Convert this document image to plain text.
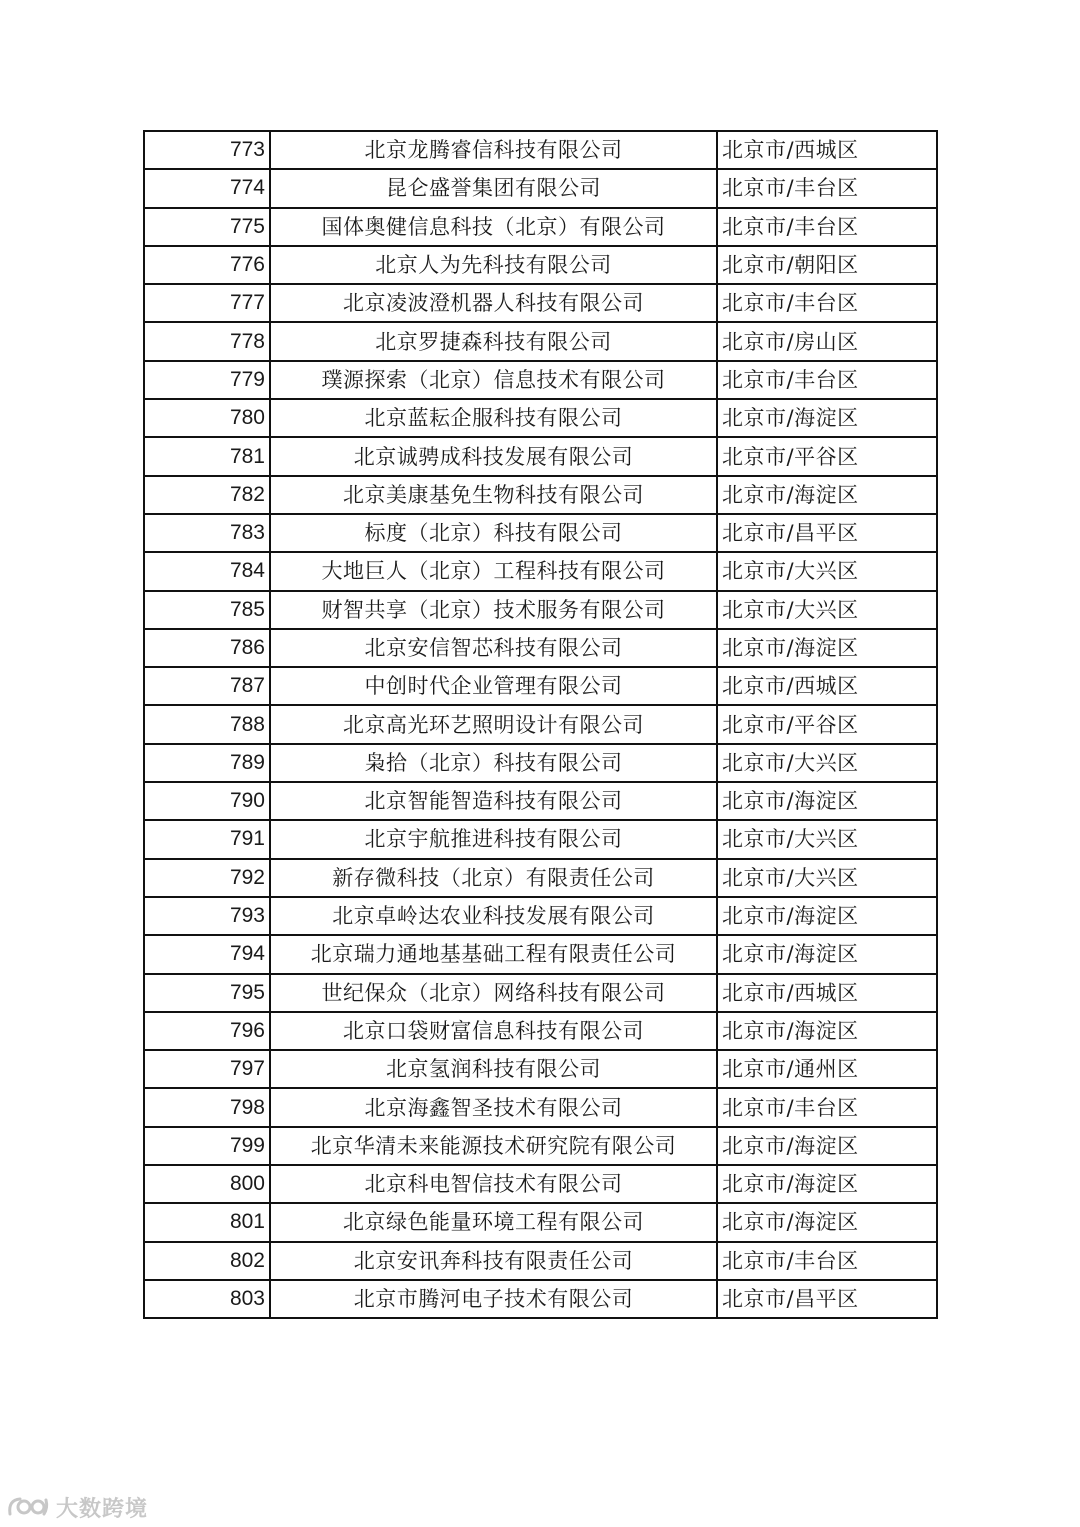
773	北京龙腾睿信科技有限公司	北京市/西城区
774	昆仑盛誉集团有限公司	北京市/丰台区
775	国体奥健信息科技（北京）有限公司	北京市/丰台区
776	北京人为先科技有限公司	北京市/朝阳区
777	北京凌波澄机器人科技有限公司	北京市/丰台区
778	北京罗捷森科技有限公司	北京市/房山区
779	璞源探索（北京）信息技术有限公司	北京市/丰台区
780	北京蓝耘企服科技有限公司	北京市/海淀区
781	北京诚骋成科技发展有限公司	北京市/平谷区
782	北京美康基免生物科技有限公司	北京市/海淀区
783	标度（北京）科技有限公司	北京市/昌平区
784	大地巨人（北京）工程科技有限公司	北京市/大兴区
785	财智共享（北京）技术服务有限公司	北京市/大兴区
786	北京安信智芯科技有限公司	北京市/海淀区
787	中创时代企业管理有限公司	北京市/西城区
788	北京高光环艺照明设计有限公司	北京市/平谷区
789	枭拾（北京）科技有限公司	北京市/大兴区
790	北京智能智造科技有限公司	北京市/海淀区
791	北京宇航推进科技有限公司	北京市/大兴区
792	新存微科技（北京）有限责任公司	北京市/大兴区
793	北京卓岭达农业科技发展有限公司	北京市/海淀区
794	北京瑞力通地基基础工程有限责任公司	北京市/海淀区
795	世纪保众（北京）网络科技有限公司	北京市/西城区
796	北京口袋财富信息科技有限公司	北京市/海淀区
797	北京氢润科技有限公司	北京市/通州区
798	北京海鑫智圣技术有限公司	北京市/丰台区
799	北京华清未来能源技术研究院有限公司	北京市/海淀区
800	北京科电智信技术有限公司	北京市/海淀区
801	北京绿色能量环境工程有限公司	北京市/海淀区
802	北京安讯奔科技有限责任公司	北京市/丰台区
803	北京市腾河电子技术有限公司	北京市/昌平区
大数跨境
